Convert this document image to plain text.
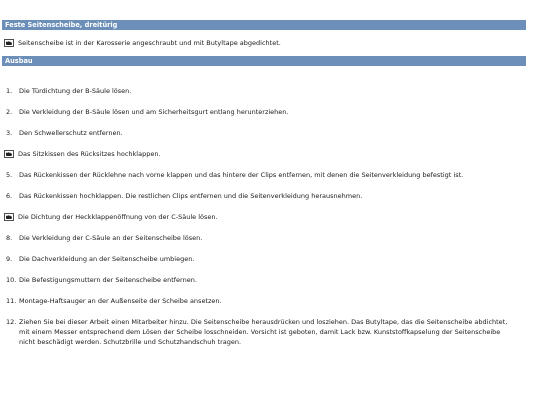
Feste Seitenscheibe, dreitürig
Seitenscheibe ist in der Karosserie angeschraubt und mit Butyltape abgedichtet.
Ausbau
1.	Die Türdichtung der B-Säule lösen.
2.	Die Verkleidung der B-Säule lösen und am Sicherheitsgurt entlang herunterziehen.
3.	Den Schwellerschutz entfernen.
Das Sitzkissen des Rücksitzes hochklappen.
5.	Das Rückenkissen der Rücklehne nach vorne klappen und das hintere der Clips entfernen, mit denen die Seitenverkleidung befestigt ist.
6.	Das Rückenkissen hochklappen. Die restlichen Clips entfernen und die Seitenverkleidung herausnehmen.
Die Dichtung der Heckklappenöffnung von der C-Säule lösen.
8.	Die Verkleidung der C-Säule an der Seitenscheibe lösen.
9.	Die Dachverkleidung an der Seitenscheibe umbiegen.
10. Die Befestigungsmuttern der Seitenscheibe entfernen.
11. Montage-Haftsauger an der Außenseite der Scheibe ansetzen.
12. Ziehen Sie bei dieser Arbeit einen Mitarbeiter hinzu. Die Seitenscheibe herausdrücken und losziehen. Das Butyltape, das die Seitenscheibe abdichtet, mit einem Messer entsprechend dem Lösen der Scheibe losschneiden. Vorsicht ist geboten, damit Lack bzw. Kunststoffkapselung der Seitenscheibe nicht beschädigt werden. Schutzbrille und Schutzhandschuh tragen.
